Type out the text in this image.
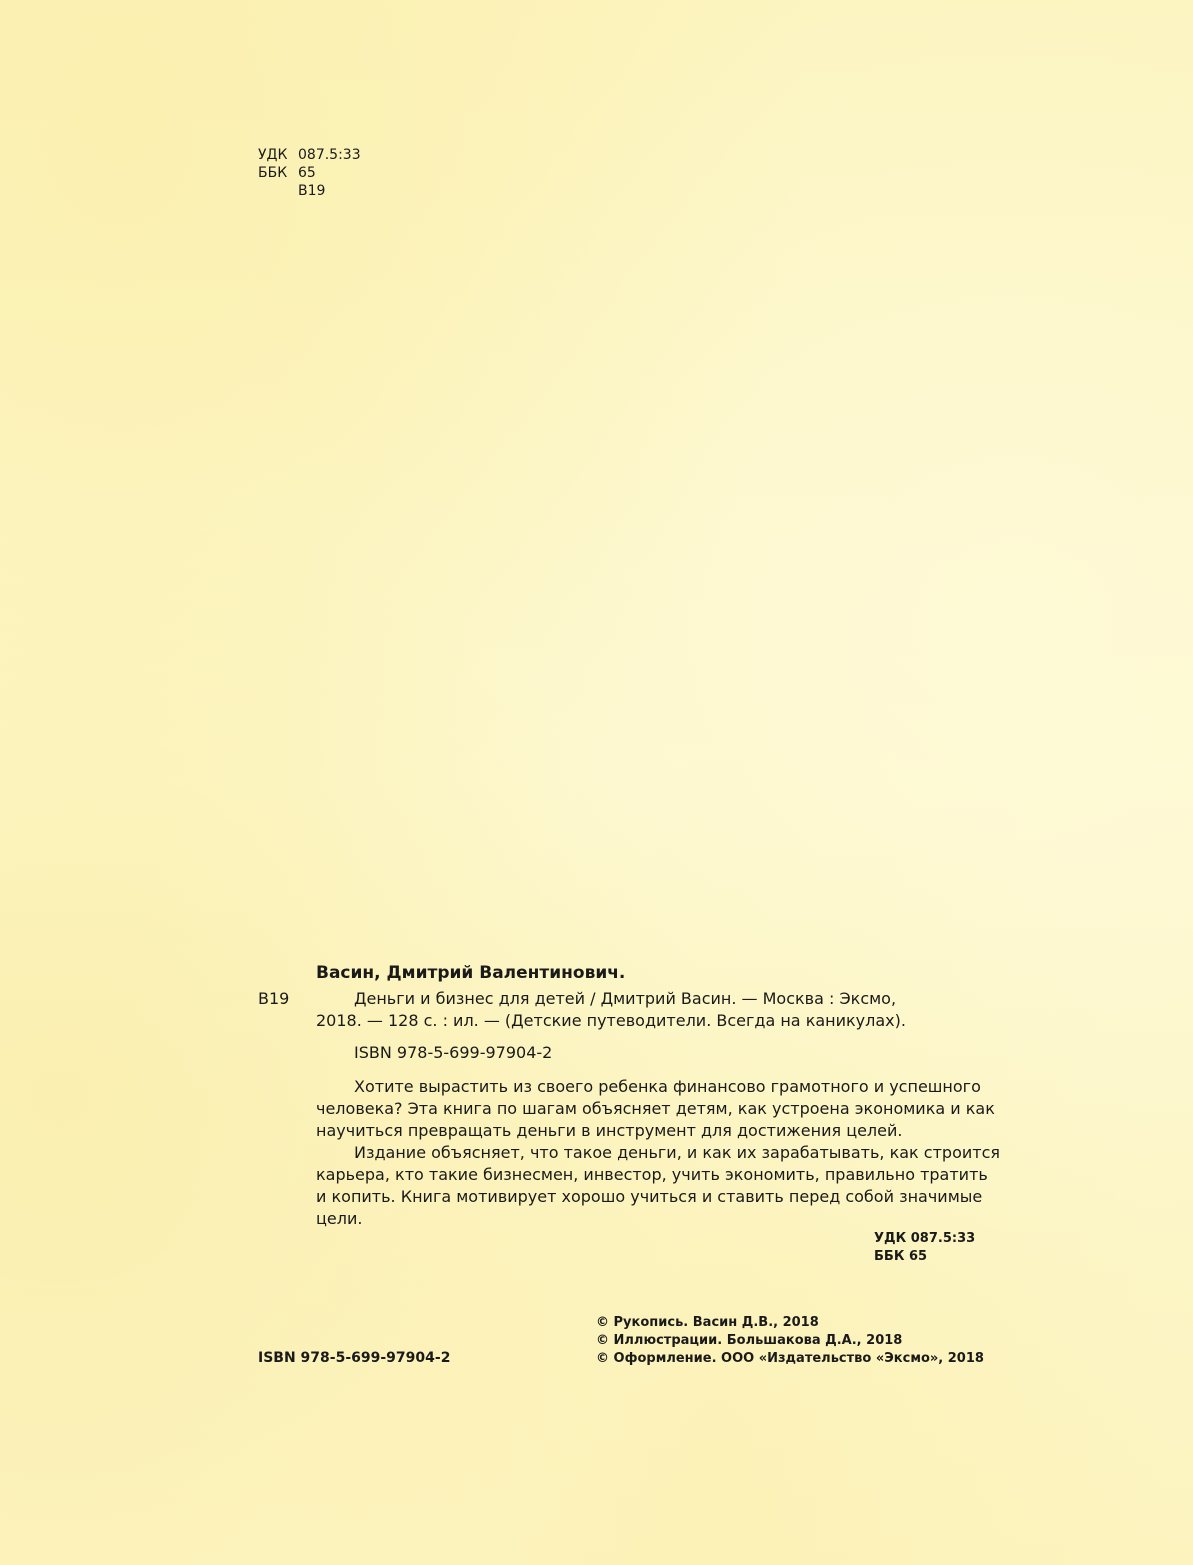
УДК 087.5:33
ББК 65
В19
Васин, Дмитрий Валентинович.
В19	Деньги и бизнес для детей / Дмитрий Васин. — Москва : Эксмо,
2018. — 128 с. : ил. — (Детские путеводители. Всегда на каникулах).
ISBN 978-5-699-97904-2
Хотите вырастить из своего ребенка финансово грамотного и успешного
человека? Эта книга по шагам объясняет детям, как устроена экономика и как
научиться превращать деньги в инструмент для достижения целей.
Издание объясняет, что такое деньги, и как их зарабатывать, как строится
карьера, кто такие бизнесмен, инвестор, учить экономить, правильно тратить
и копить. Книга мотивирует хорошо учиться и ставить перед собой значимые
цели.
УДК 087.5:33
ББК 65
ISBN 978-5-699-97904-2
© Рукопись. Васин Д.В., 2018
© Иллюстрации. Большакова Д.А., 2018
© Оформление. ООО «Издательство «Эксмо», 2018
